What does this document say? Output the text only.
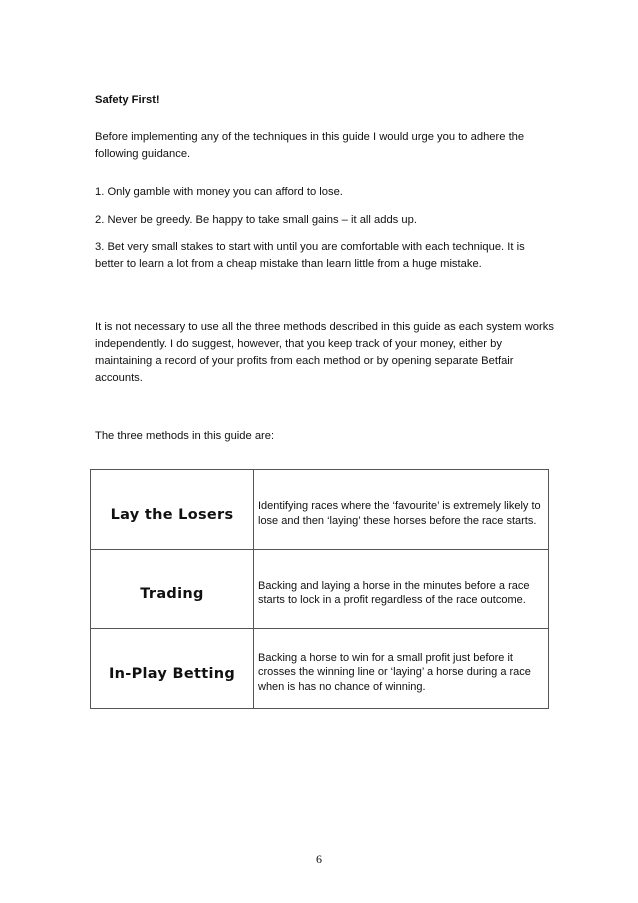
Safety First!

Before implementing any of the techniques in this guide I would urge you to adhere the following guidance.

1. Only gamble with money you can afford to lose.

2. Never be greedy. Be happy to take small gains – it all adds up.

3. Bet very small stakes to start with until you are comfortable with each technique. It is better to learn a lot from a cheap mistake than learn little from a huge mistake.

It is not necessary to use all the three methods described in this guide as each system works independently. I do suggest, however, that you keep track of your money, either by maintaining a record of your profits from each method or by opening separate Betfair accounts.

The three methods in this guide are:

Lay the Losers	Identifying races where the ‘favourite’ is extremely likely to lose and then ‘laying’ these horses before the race starts.
Trading	Backing and laying a horse in the minutes before a race starts to lock in a profit regardless of the race outcome.
In-Play Betting	Backing a horse to win for a small profit just before it crosses the winning line or ‘laying’ a horse during a race when is has no chance of winning.
6
